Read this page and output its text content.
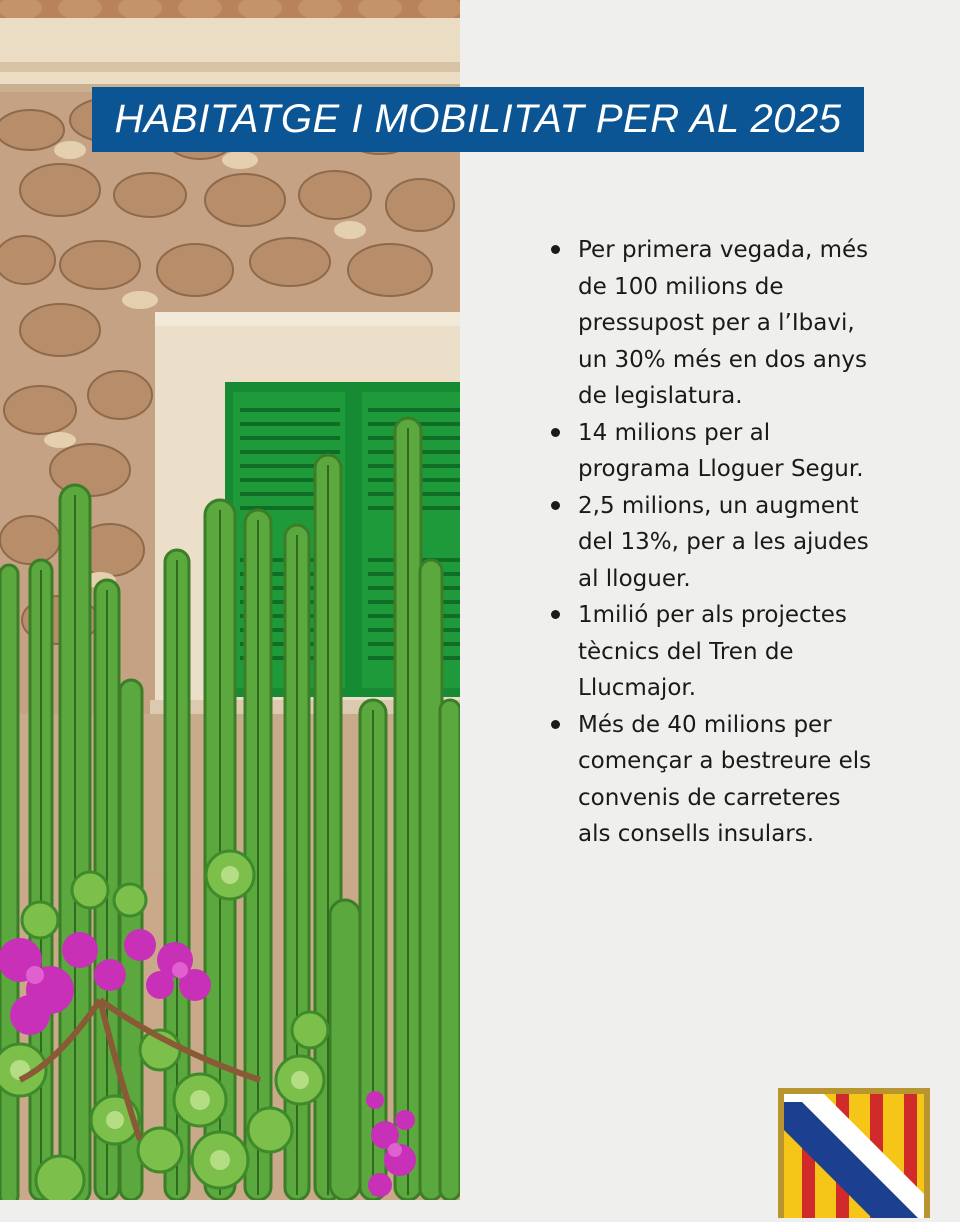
HABITATGE I MOBILITAT PER AL 2025
Per primera vegada, més de 100 milions de pressupost per a l’Ibavi, un 30% més en dos anys de legislatura.
14 milions per al programa Lloguer Segur.
2,5 milions, un augment del 13%, per a les ajudes al lloguer.
1milió per als projectes tècnics del Tren de Llucmajor.
Més de 40 milions per començar a bestreure els convenis de carreteres als consells insulars.
